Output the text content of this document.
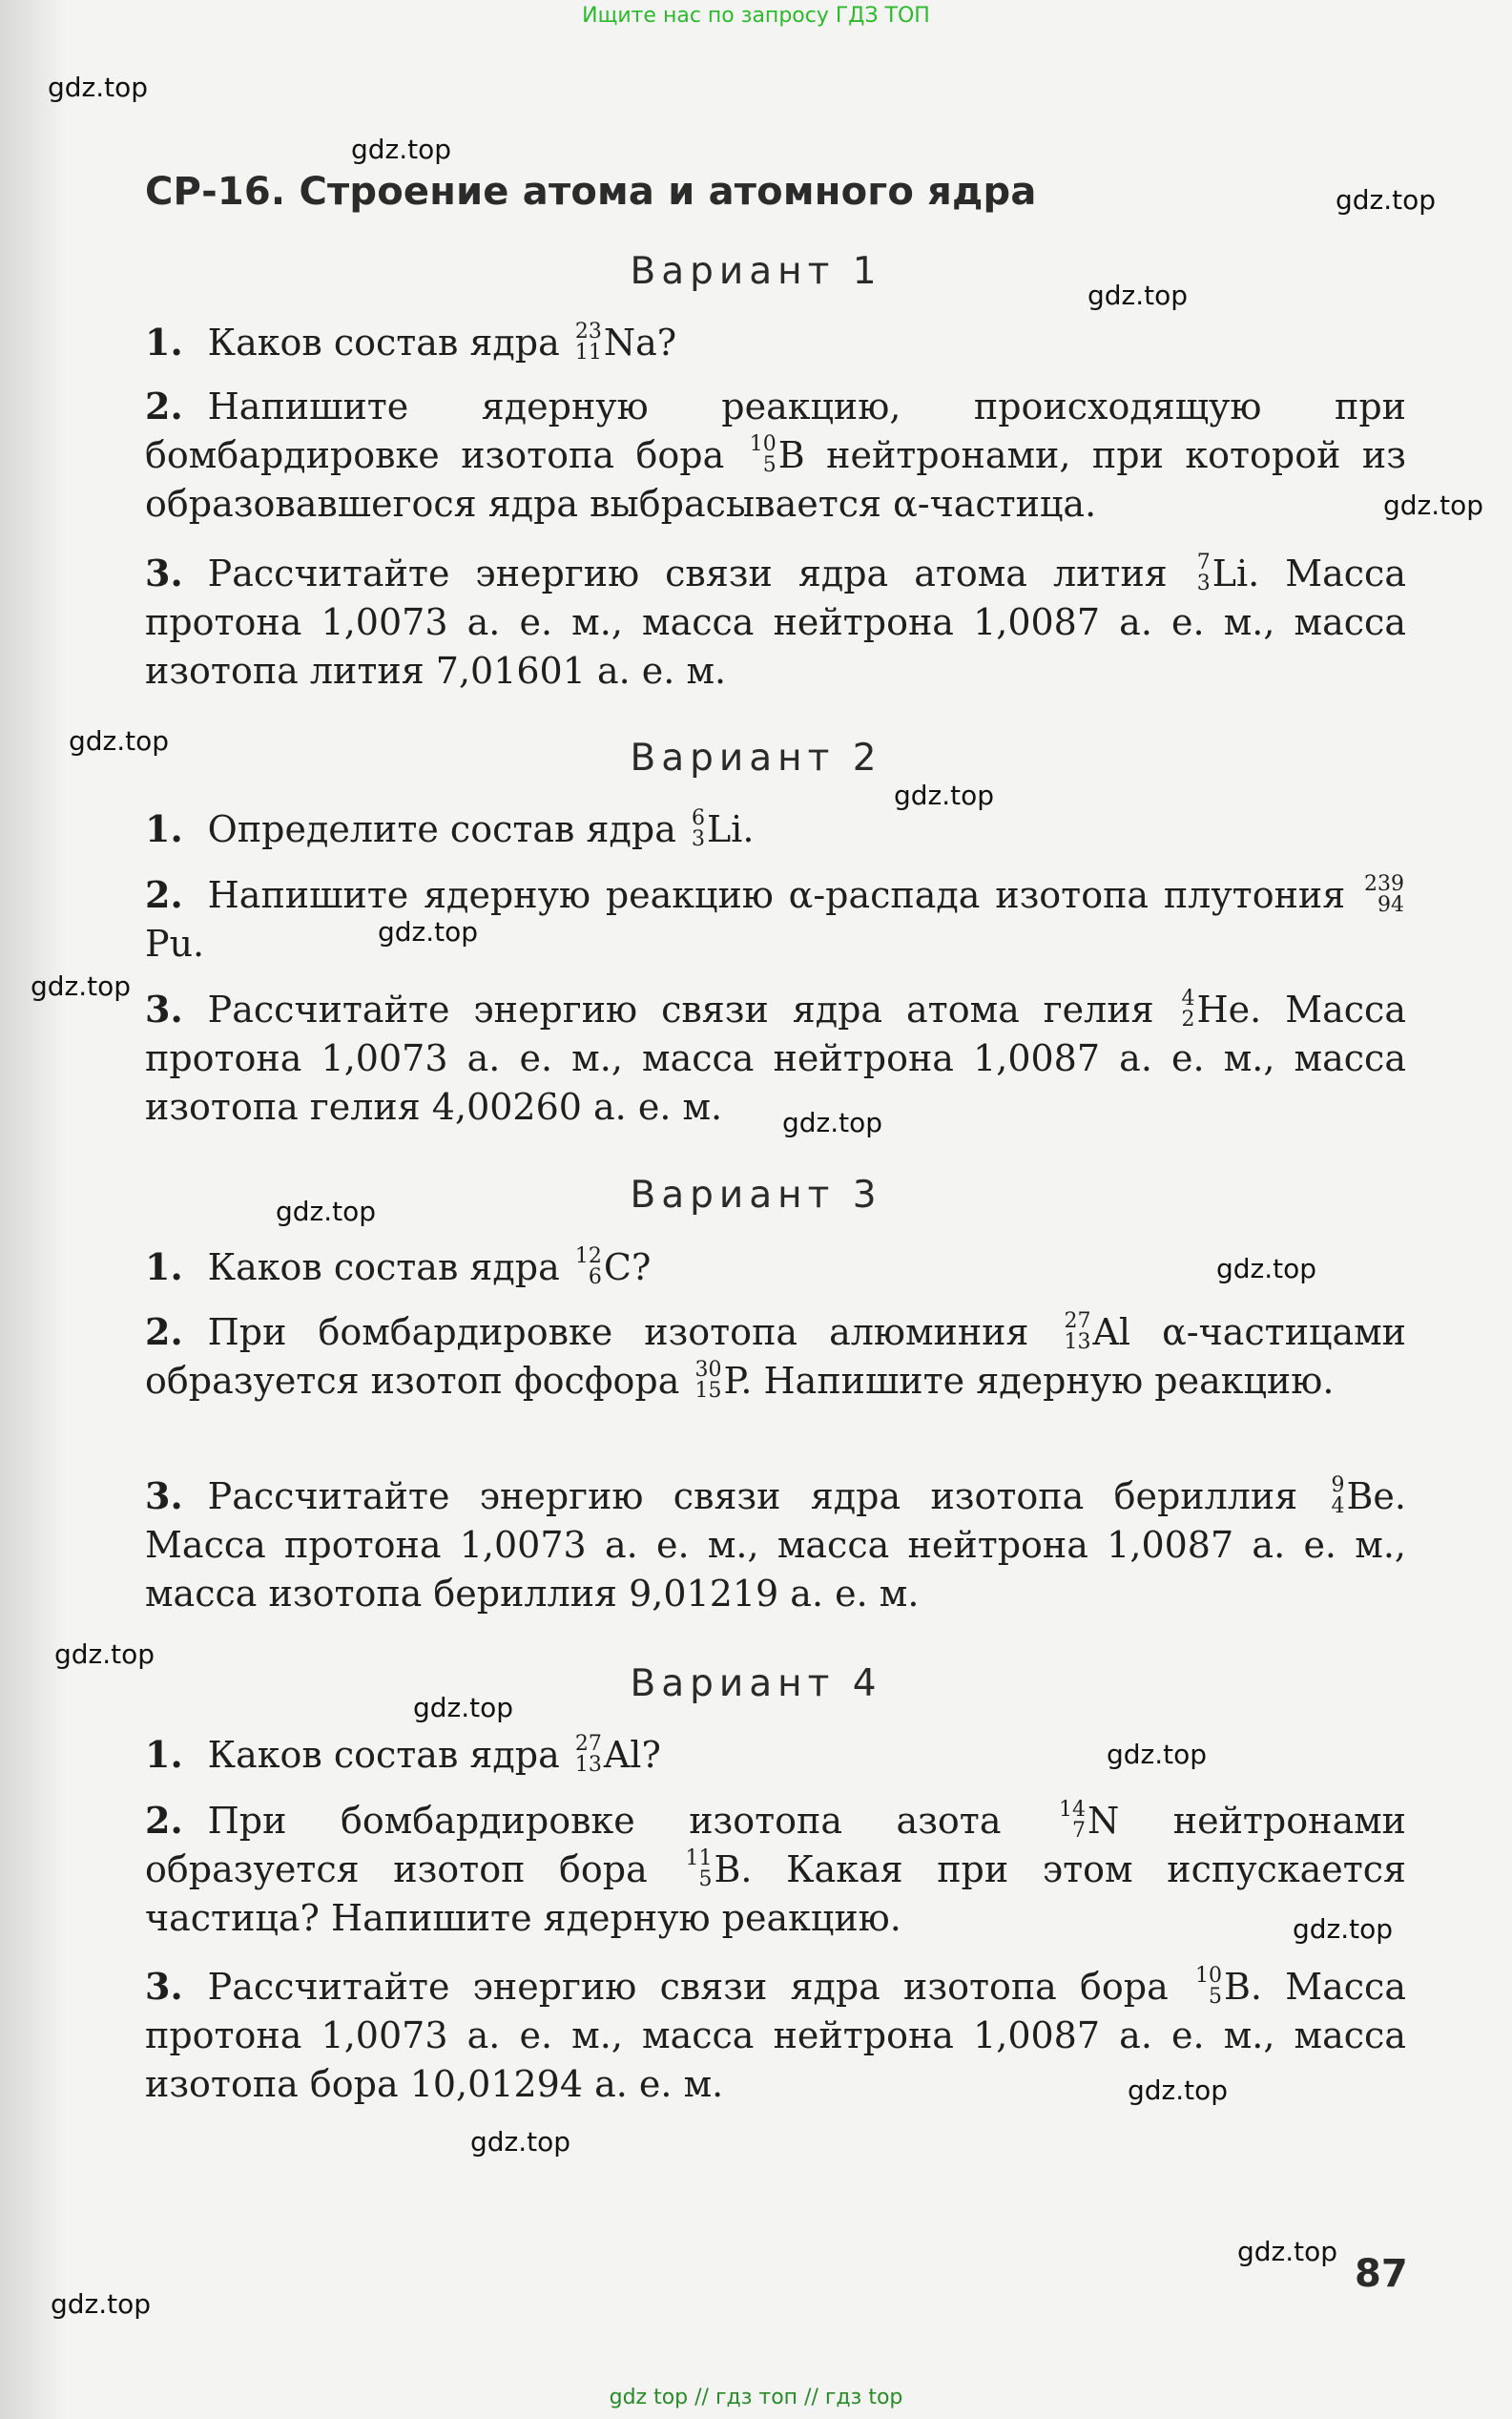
Ищите нас по запросу ГДЗ ТОП
СР-16. Строение атома и атомного ядра
Вариант 1
1. Каков состав ядра 23
11 Na?
2. Напишите ядерную реакцию, происходящую при бомбардировке изотопа бора 10
5 B нейтронами, при которой из образовавшегося ядра выбрасывается α-частица.
3. Рассчитайте энергию связи ядра атома лития 7
3 Li. Масса протона 1,0073 а. е. м., масса нейтрона 1,0087 а. е. м., масса изотопа лития 7,01601 а. е. м.
Вариант 2
1. Определите состав ядра 6
3 Li.
2. Напишите ядерную реакцию α-распада изотопа плутония 239
94
Pu.
3. Рассчитайте энергию связи ядра атома гелия 4
2 He. Масса протона 1,0073 а. е. м., масса нейтрона 1,0087 а. е. м., масса изотопа гелия 4,00260 а. е. м.
Вариант 3
1. Каков состав ядра 12
6 C?
2. При бомбардировке изотопа алюминия 27
13 Al α-частицами образуется изотоп фосфора 30
15 P. Напишите ядерную реакцию.
3. Рассчитайте энергию связи ядра изотопа бериллия 9
4 Be. Масса протона 1,0073 а. е. м., масса нейтрона 1,0087 а. е. м., масса изотопа бериллия 9,01219 а. е. м.
Вариант 4
1. Каков состав ядра 27
13 Al?
2. При бомбардировке изотопа азота 14
7 N нейтронами образуется изотоп бора 11
5 B. Какая при этом испускается частица? Напишите ядерную реакцию.
3. Рассчитайте энергию связи ядра изотопа бора 10
5 B. Масса протона 1,0073 а. е. м., масса нейтрона 1,0087 а. е. м., масса изотопа бора 10,01294 а. е. м.
87
gdz.top
gdz.top
gdz.top
gdz.top
gdz.top
gdz.top
gdz.top
gdz.top
gdz.top
gdz.top
gdz.top
gdz.top
gdz.top
gdz.top
gdz.top
gdz.top
gdz.top
gdz.top
gdz.top
gdz.top
gdz top // гдз топ // гдз top
